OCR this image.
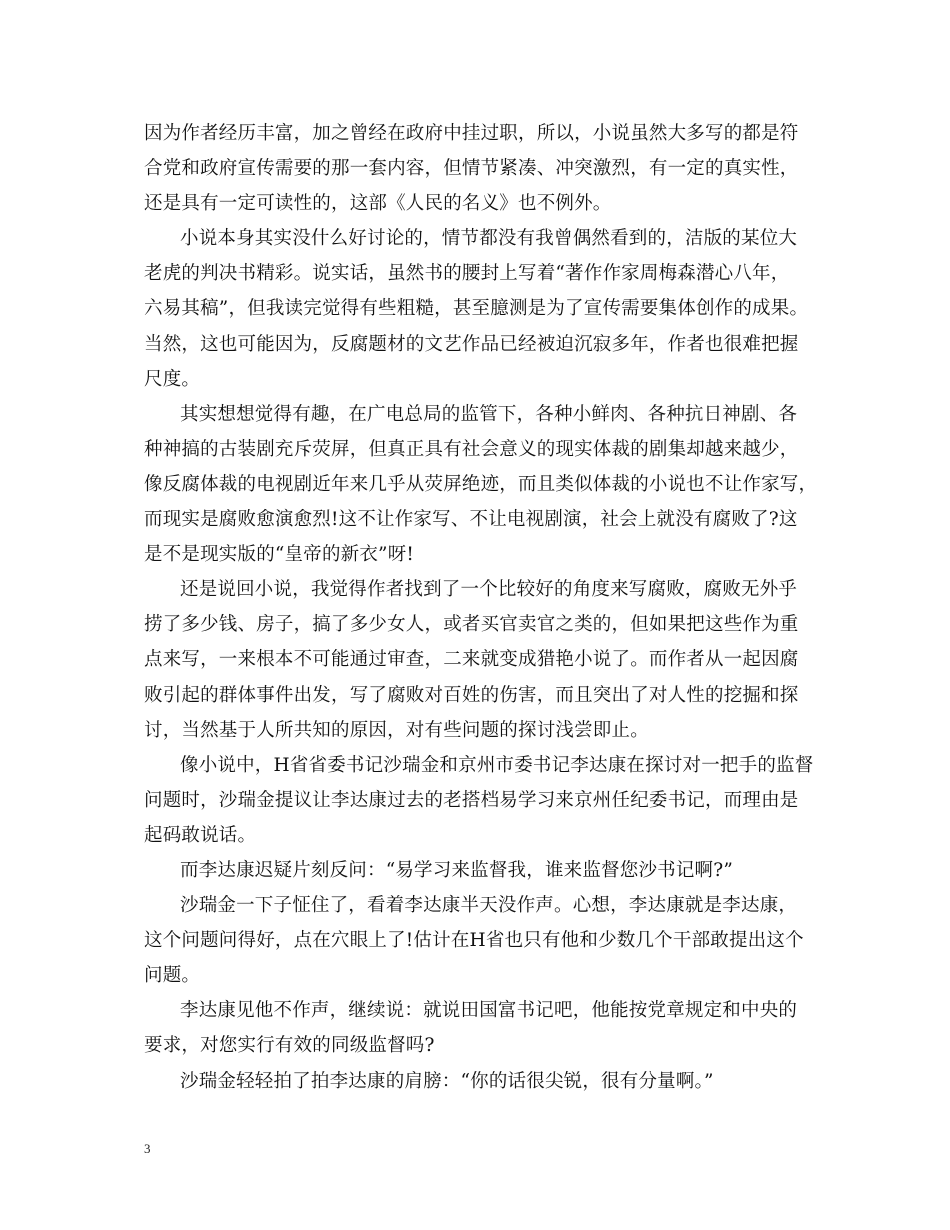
因为作者经历丰富，加之曾经在政府中挂过职，所以，小说虽然大多写的都是符
合党和政府宣传需要的那一套内容，但情节紧凑、冲突激烈，有一定的真实性，
还是具有一定可读性的，这部《人民的名义》也不例外。
小说本身其实没什么好讨论的，情节都没有我曾偶然看到的，洁版的某位大
老虎的判决书精彩。说实话，虽然书的腰封上写着“著作作家周梅森潜心八年，
六易其稿”，但我读完觉得有些粗糙，甚至臆测是为了宣传需要集体创作的成果。
当然，这也可能因为，反腐题材的文艺作品已经被迫沉寂多年，作者也很难把握
尺度。
其实想想觉得有趣，在广电总局的监管下，各种小鲜肉、各种抗日神剧、各
种神搞的古装剧充斥荧屏，但真正具有社会意义的现实体裁的剧集却越来越少，
像反腐体裁的电视剧近年来几乎从荧屏绝迹，而且类似体裁的小说也不让作家写，
而现实是腐败愈演愈烈!这不让作家写、不让电视剧演，社会上就没有腐败了?这
是不是现实版的“皇帝的新衣”呀!
还是说回小说，我觉得作者找到了一个比较好的角度来写腐败，腐败无外乎
捞了多少钱、房子，搞了多少女人，或者买官卖官之类的，但如果把这些作为重
点来写，一来根本不可能通过审查，二来就变成猎艳小说了。而作者从一起因腐
败引起的群体事件出发，写了腐败对百姓的伤害，而且突出了对人性的挖掘和探
讨，当然基于人所共知的原因，对有些问题的探讨浅尝即止。
像小说中，H省省委书记沙瑞金和京州市委书记李达康在探讨对一把手的监督
问题时，沙瑞金提议让李达康过去的老搭档易学习来京州任纪委书记，而理由是
起码敢说话。
而李达康迟疑片刻反问：“易学习来监督我，谁来监督您沙书记啊?”
沙瑞金一下子怔住了，看着李达康半天没作声。心想，李达康就是李达康，
这个问题问得好，点在穴眼上了!估计在H省也只有他和少数几个干部敢提出这个
问题。
李达康见他不作声，继续说：就说田国富书记吧，他能按党章规定和中央的
要求，对您实行有效的同级监督吗?
沙瑞金轻轻拍了拍李达康的肩膀：“你的话很尖锐，很有分量啊。”
3
